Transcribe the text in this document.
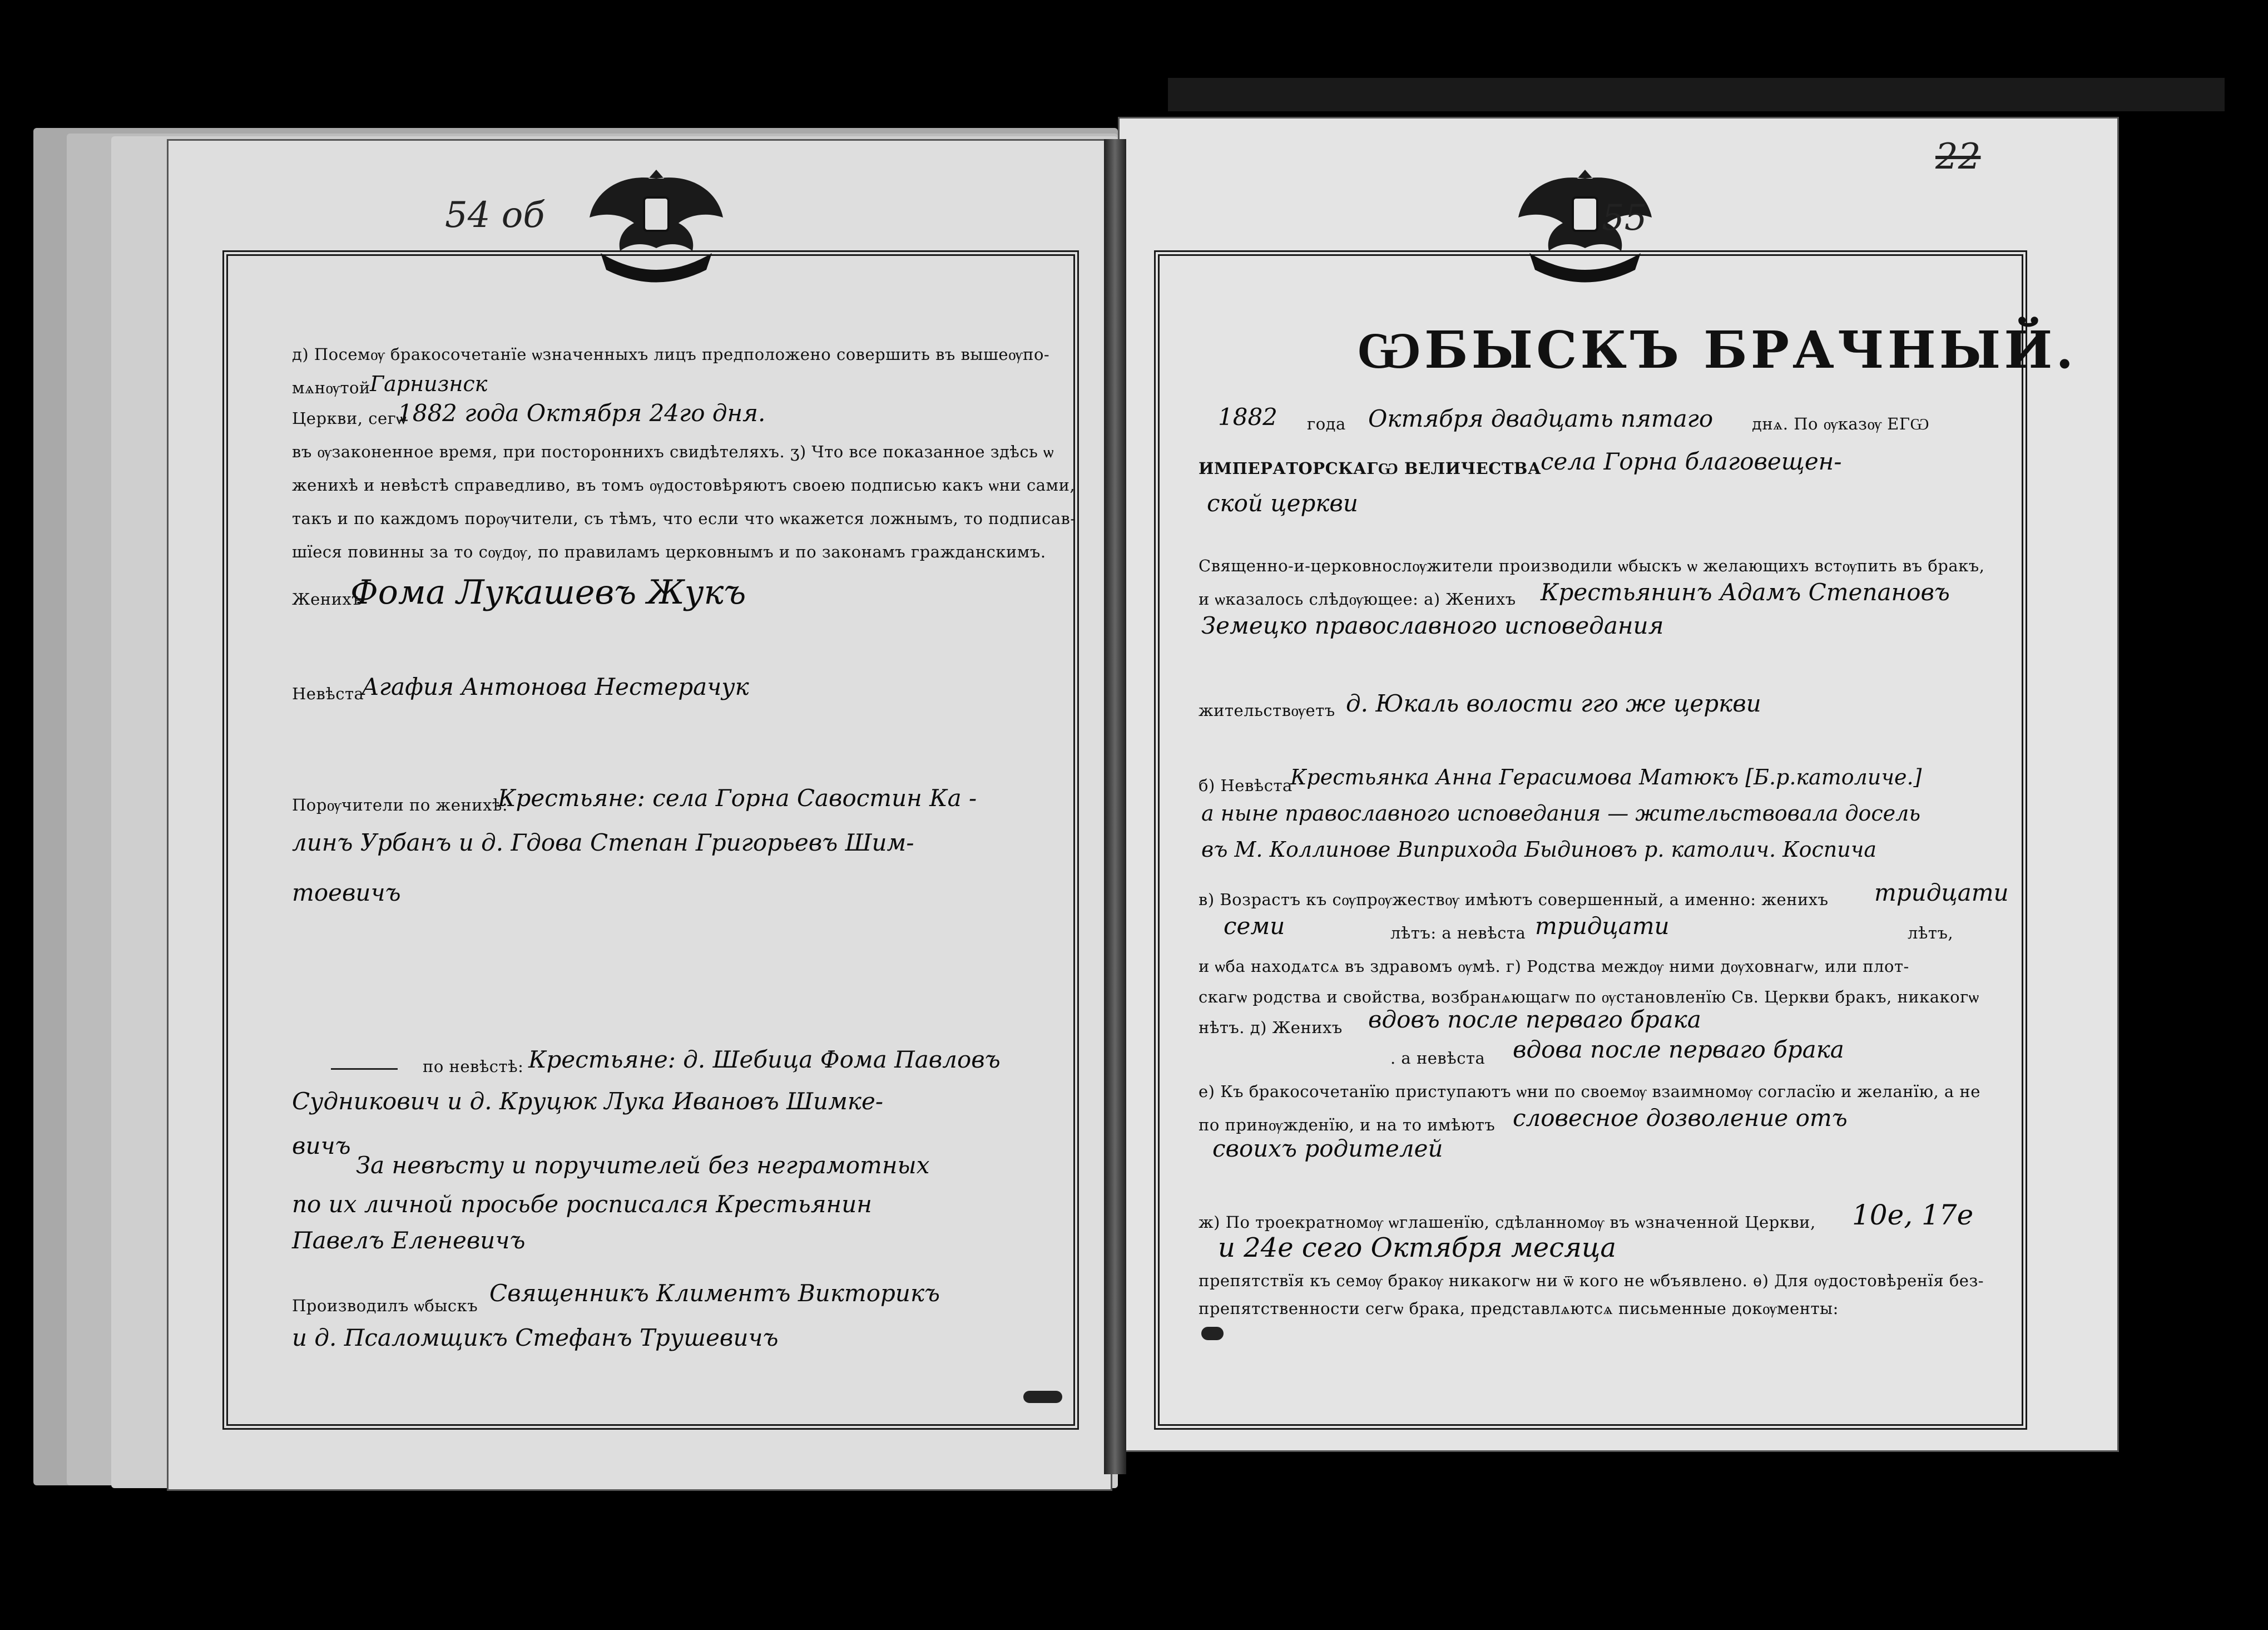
54 об	55
22
д) Посемѹ бракосочетанїе ѡзначенныхъ лицъ предположено совершить въ вышеѹпо-
мѧнѹтой Гарнизнск
Церкви, сегѡ
1882 года Октября 24го дня.
въ ѹзаконенное время, при постороннихъ свидѣтеляхъ. ʒ) Что все показанное здѣсь ѡ
женихѣ и невѣстѣ справедливо, въ томъ ѹдостовѣряютъ своею подписью какъ ѡни сами,
такъ и по каждомъ порѹчители, съ тѣмъ, что если что ѡкажется ложнымъ, то подписав-
шїеся повинны за то сѹдѹ, по правиламъ церковнымъ и по законамъ гражданскимъ.
Женихъ
Фома Лукашевъ Жукъ
Невѣста
Агафия Антонова Нестерачук
Порѹчители по женихѣ:
Крестьяне: села Горна Савостин Ка -
линъ Урбанъ и д. Гдова Степан Григорьевъ Шим-
тоевичъ
по невѣстѣ: Крестьяне: д. Шебица Фома Павловъ
Судникович и д. Круцюк Лука Ивановъ Шимке-
вичъ
За невѣсту и поручителей без неграмотных
по их личной просьбе росписался Крестьянин
Павелъ Еленевичъ
Производилъ ѡбыскъ Священникъ Климентъ Викторикъ
и д. Псаломщикъ Стефанъ Трушевичъ
ѠБЫСКЪ БРАЧНЫЙ.
1882 года Октября двадцать пятаго днѧ. По ѹказѹ ЕГѠ
ИМПЕРАТОРСКАГѠ ВЕЛИЧЕСТВА
села Горна благовещен-
ской церкви
Священно-и-церковнослѹжители производили ѡбыскъ ѡ желающихъ встѹпить въ бракъ,
и ѡказалось слѣдѹющее: а) Женихъ Крестьянинъ Адамъ Степановъ
Земецко православного исповедания
жительствѹетъ д. Юкаль волости гго же церкви
б) Невѣста
Крестьянка Анна Герасимова Матюкъ [Б.р.католиче.]
а ныне православного исповедания — жительствовала досель
въ М. Коллинове Виприхода Быдиновъ р. католич. Коспича
в) Возрастъ къ сѹпрѹжествѹ имѣютъ совершенный, а именно: женихъ тридцати
семи	лѣтъ: а невѣста тридцати	лѣтъ,
и ѡба находѧтсѧ въ здравомъ ѹмѣ. г) Родства междѹ ними дѹховнагѡ, или плот-
скагѡ родства и свойства, возбранѧющагѡ по ѹстановленїю Св. Церкви бракъ, никакогѡ
нѣтъ. д) Женихъ вдовъ после перваго брака
. а невѣста вдова после перваго брака
е) Къ бракосочетанїю приступаютъ ѡни по своемѹ взаимномѹ согласїю и желанїю, а не
по принѹжденїю, и на то имѣютъ словесное дозволение отъ
своихъ родителей
ж) По троекратномѹ ѡглашенїю, сдѣланномѹ въ ѡзначенной Церкви, 10е, 17е
и 24е сего Октября месяца
препятствїя къ семѹ бракѹ никакогѡ ни ѿ кого не ѡбъявлено. ѳ) Для ѹдостовѣренїя без-
препятственности сегѡ брака, представлѧютсѧ письменные докѹменты:
